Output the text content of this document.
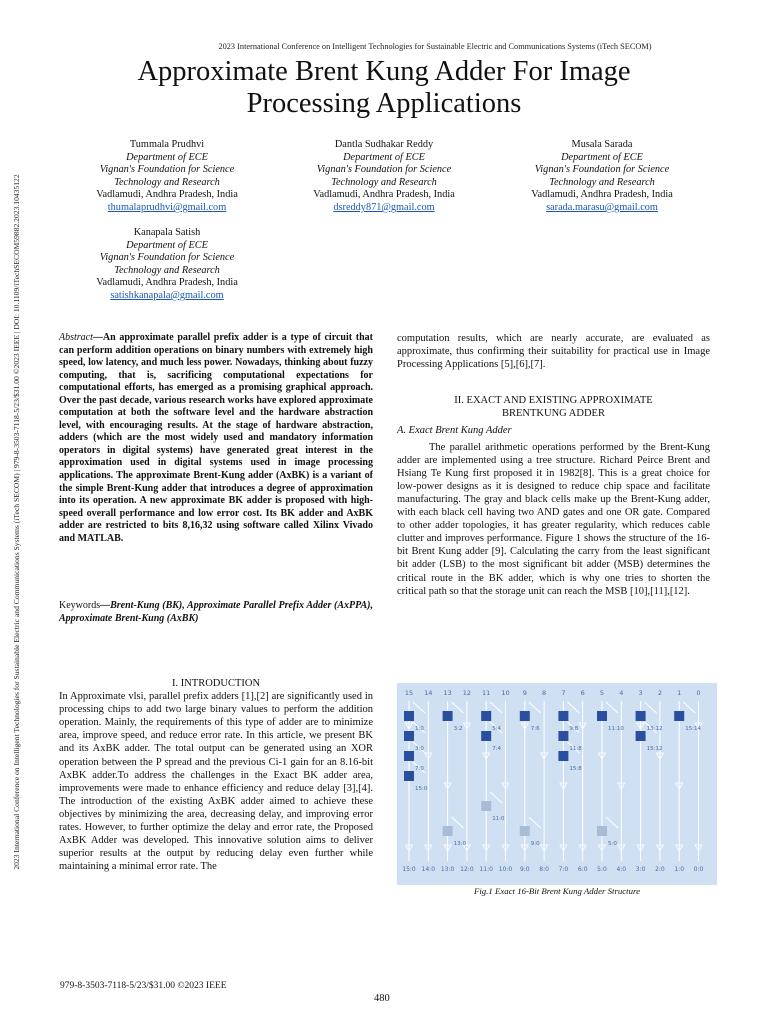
2023 International Conference on Intelligent Technologies for Sustainable Electric and Communications Systems (iTech SECOM) | 979-8-3503-7118-5/23/$31.00 ©2023 IEEE | DOI: 10.1109/iTechSECOM59882.2023.10435122
2023 International Conference on Intelligent Technologies for Sustainable Electric and Communications Systems (iTech SECOM)
Approximate Brent Kung Adder For Image
Processing Applications
Tummala Prudhvi
Department of ECE
Vignan's Foundation for Science
Technology and Research
Vadlamudi, Andhra Pradesh, India
thumalaprudhvi@gmail.com
Dantla Sudhakar Reddy
Department of ECE
Vignan's Foundation for Science
Technology and Research
Vadlamudi, Andhra Pradesh, India
dsreddy871@gmail.com
Musala Sarada
Department of ECE
Vignan's Foundation for Science
Technology and Research
Vadlamudi, Andhra Pradesh, India
sarada.marasu@gmail.com
Kanapala Satish
Department of ECE
Vignan's Foundation for Science
Technology and Research
Vadlamudi, Andhra Pradesh, India
satishkanapala@gmail.com
Abstract—An approximate parallel prefix adder is a type of circuit that can perform addition operations on binary numbers with extremely high speed, low latency, and much less power. Nowadays, thinking about fuzzy computing, that is, sacrificing computational expectations for computational efforts, has emerged as a promising graphical approach. Over the past decade, various research works have explored approximate computation at both the software level and the hardware abstraction level, with encouraging results. At the stage of hardware abstraction, adders (which are the most widely used and mandatory information operators in digital systems) have generated great interest in the approximation used in digital systems used in image processing applications. The approximate Brent-Kung adder (AxBK) is a variant of the simple Brent-Kung adder that introduces a degree of approximation into its operation. A new approximate BK adder is proposed with high-speed overall performance and low error cost. Its BK adder and AxBK adder are restricted to bits 8,16,32 using software called Xilinx Vivado and MATLAB.
Keywords—Brent-Kung (BK), Approximate Parallel Prefix Adder (AxPPA), Approximate Brent-Kung (AxBK)
I. INTRODUCTION
In Approximate vlsi, parallel prefix adders [1],[2] are significantly used in processing chips to add two large binary values to perform the addition operation. Mainly, the requirements of this type of adder are to minimize area, improve speed, and reduce error rate. In this article, we present BK and its AxBK adder. The total output can be generated using an XOR operation between the P spread and the previous Ci-1 gain for an 8.16-bit AxBK adder.To address the challenges in the Exact BK adder area, improvements were made to enhance efficiency and reduce delay [3],[4]. The introduction of the existing AxBK adder aimed to achieve these objectives by minimizing the area, decreasing delay, and improving error rates. However, to further optimize the delay and error rate, the Proposed AxBK Adder was developed. This innovative solution aims to deliver superior results at the output by reducing delay even further while maintaining a minimal error rate. The
computation results, which are nearly accurate, are evaluated as approximate, thus confirming their suitability for practical use in Image Processing Applications [5],[6],[7].
II. EXACT AND EXISTING APPROXIMATE
BRENTKUNG ADDER
A. Exact Brent Kung Adder
The parallel arithmetic operations performed by the Brent-Kung adder are implemented using a tree structure. Richard Peirce Brent and Hsiang Te Kung first proposed it in 1982[8]. This is a great choice for low-power designs as it is designed to reduce chip space and facilitate manufacturing. The gray and black cells make up the Brent-Kung adder, with each black cell having two AND gates and one OR gate. Compared to other adder topologies, it has greater regularity, which reduces cable clutter and improves performance. Figure 1 shows the structure of the 16-bit Brent Kung adder [9]. Calculating the carry from the least significant bit adder (LSB) to the most significant bit adder (MSB) determines the critical route in the BK adder, which is why one tries to shorten the critical path so that the storage unit can reach the MSB [10],[11],[12].
15 14 13 12 11 10 9 8 7 6 5 4 3 2 1 0
15:14
13:12
11:10
9:8
7:6
5:4
3:2
1:0
15:12
11:8
7:4
3:0
15:8
7:0
15:0
11:0
13:0	9:0	5:0
15:0 14:0 13:0 12:0 11:0 10:0 9:0 8:0 7:0 6:0 5:0 4:0 3:0 2:0 1:0 0:0
Fig.1 Exact 16-Bit Brent Kung Adder Structure
979-8-3503-7118-5/23/$31.00 ©2023 IEEE
480
